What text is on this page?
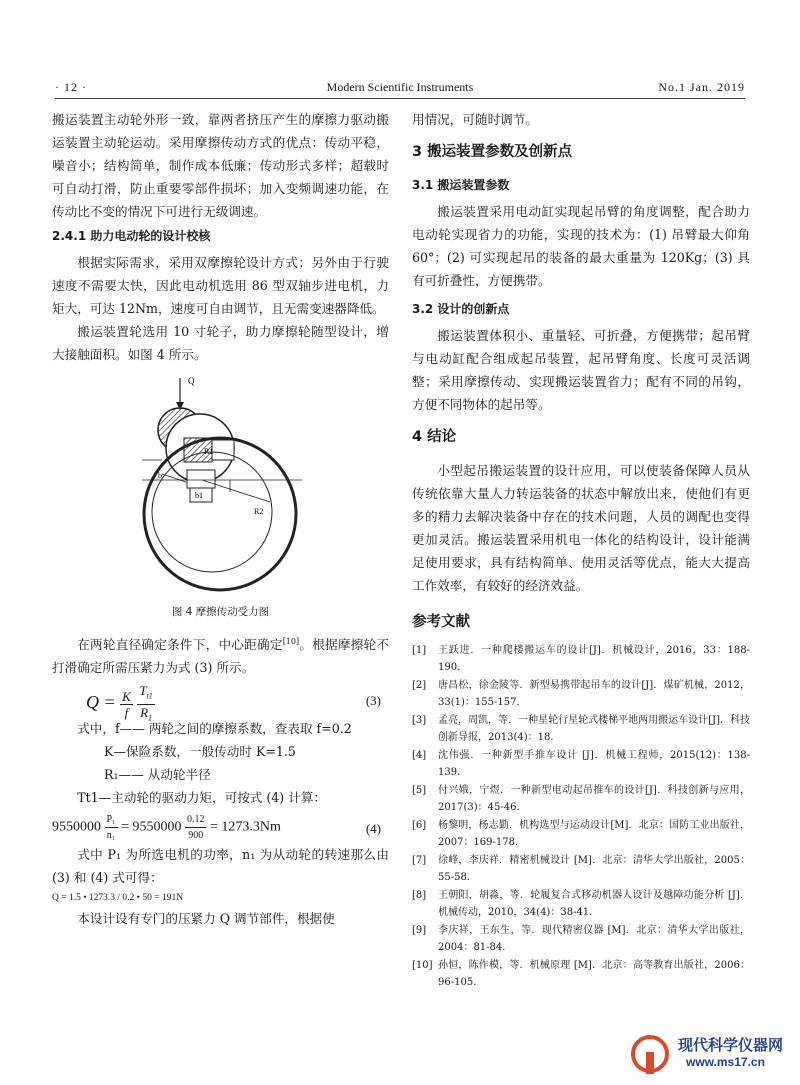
· 12 ·	Modern Scientific Instruments	No.1 Jan. 2019

搬运装置主动轮外形一致，靠两者挤压产生的摩擦力驱动搬运装置主动轮运动。采用摩擦传动方式的优点：传动平稳，噪音小；结构简单，制作成本低廉；传动形式多样；超载时可自动打滑，防止重要零部件损坏；加入变频调速功能，在传动比不变的情况下可进行无级调速。

2.4.1 助力电动轮的设计校核

根据实际需求，采用双摩擦轮设计方式；另外由于行驶速度不需要太快，因此电动机选用 86 型双轴步进电机，力矩大，可达 12Nm，速度可自由调节，且无需变速器降低。

搬运装置轮选用 10 寸轮子，助力摩擦轮随型设计，增大接触面积。如图 4 所示。

Q
R1
b1
b
R2
图 4 摩擦传动受力图

在两轮直径确定条件下，中心距确定[10]。根据摩擦轮不打滑确定所需压紧力为式 (3) 所示。

$Q = \frac{K}{f}$
$\frac{T_{t1}}{R_1}$	(3)

式中，f—— 两轮之间的摩擦系数，查表取 f=0.2

K—保险系数，一般传动时 K=1.5

R₁—— 从动轮半径

Tt1—主动轮的驱动力矩，可按式 (4) 计算：

$9550000 \frac{\text{P₁}}{\text{n₁}} = 9550000 \frac{0.12}{900} = 1273.3Nm$	(4)

式中 P₁ 为所选电机的功率，n₁ 为从动轮的转速那么由 (3) 和 (4) 式可得：

Q = 1.5 • 1273.3 / 0.2 • 50 = 191N

本设计设有专门的压紧力 Q 调节部件，根据使

用情况，可随时调节。

3 搬运装置参数及创新点
3.1 搬运装置参数

搬运装置采用电动缸实现起吊臂的角度调整，配合助力电动轮实现省力的功能，实现的技术为：(1) 吊臂最大仰角 60°；(2) 可实现起吊的装备的最大重量为 120Kg；(3) 具有可折叠性，方便携带。

3.2 设计的创新点

搬运装置体积小、重量轻、可折叠，方便携带；起吊臂与电动缸配合组成起吊装置，起吊臂角度、长度可灵活调整；采用摩擦传动、实现搬运装置省力；配有不同的吊钩，方便不同物体的起吊等。

4 结论

小型起吊搬运装置的设计应用，可以使装备保障人员从传统依靠大量人力转运装备的状态中解放出来，使他们有更多的精力去解决装备中存在的技术问题，人员的调配也变得更加灵活。搬运装置采用机电一体化的结构设计，设计能满足使用要求，具有结构简单、使用灵活等优点，能大大提高工作效率，有较好的经济效益。

参考文献
[1]	王跃进．一种爬楼搬运车的设计[J]．机械设计，2016，33：188-190．
[2]	唐昌松，徐金陵等．新型易携带起吊车的设计[J]．煤矿机械，2012，33(1)：155-157．
[3]	孟亮，周凯，等．一种星轮行星轮式楼梯平地两用搬运车设计[J]．科技创新导报，2013(4)：18．
[4]	沈伟强．一种新型手推车设计 [J]．机械工程师，2015(12)：138-139．
[5]	付兴娥，宁煜．一种新型电动起吊推车的设计[J]．科技创新与应用，2017(3)：45-46．
[6]	杨黎明，杨志勤．机构选型与运动设计[M]．北京：国防工业出版社，2007：169-178．
[7]	徐峰，李庆祥．精密机械设计 [M]．北京：清华大学出版社，2005：55-58．
[8]	王朝阳，胡淼，等．轮履复合式移动机器人设计及越障功能分析 [J]．机械传动，2010，34(4)：38-41．
[9]	李庆祥，王东生，等．现代精密仪器 [M]．北京：清华大学出版社，2004：81-84．
[10] 孙恒，陈作模，等．机械原理 [M]．北京：高等教育出版社，2006：96-105．
现代科学仪器网
www.ms17.cn
